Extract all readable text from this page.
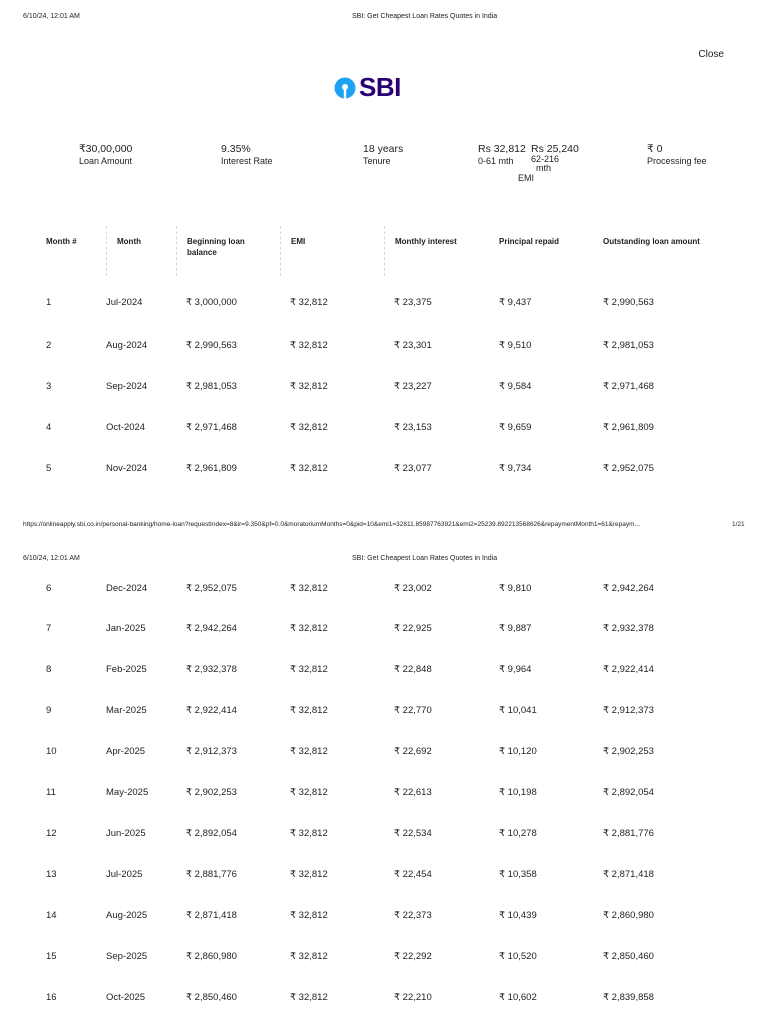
6/10/24, 12:01 AM	SBI: Get Cheapest Loan Rates Quotes in India
Close
SBI
₹30,00,000
Loan Amount
9.35%
Interest Rate
18 years
Tenure
Rs 32,812
0-61 mth
Rs 25,240
62-216
mth
EMI
₹ 0
Processing fee

	Month #	Month	Beginning loan balance	EMI	Monthly interest	Principal repaid	Outstanding loan amount

	1	Jul-2024	₹ 3,000,000	₹ 32,812	₹ 23,375	₹ 9,437	₹ 2,990,563
	2	Aug-2024	₹ 2,990,563	₹ 32,812	₹ 23,301	₹ 9,510	₹ 2,981,053
	3	Sep-2024	₹ 2,981,053	₹ 32,812	₹ 23,227	₹ 9,584	₹ 2,971,468
	4	Oct-2024	₹ 2,971,468	₹ 32,812	₹ 23,153	₹ 9,659	₹ 2,961,809
	5	Nov-2024	₹ 2,961,809	₹ 32,812	₹ 23,077	₹ 9,734	₹ 2,952,075
https://onlineapply.sbi.co.in/personal-banking/home-loan?requestIndex=8&ir=9.350&pf=0.0&moratoriumMonths=0&pid=10&emi1=32811.85987763921&emi2=25239.892213568626&repaymentMonth1=61&repaym...	1/21
6/10/24, 12:01 AM	SBI: Get Cheapest Loan Rates Quotes in India
	6	Dec-2024	₹ 2,952,075	₹ 32,812	₹ 23,002	₹ 9,810	₹ 2,942,264
	7	Jan-2025	₹ 2,942,264	₹ 32,812	₹ 22,925	₹ 9,887	₹ 2,932,378
	8	Feb-2025	₹ 2,932,378	₹ 32,812	₹ 22,848	₹ 9,964	₹ 2,922,414
	9	Mar-2025	₹ 2,922,414	₹ 32,812	₹ 22,770	₹ 10,041	₹ 2,912,373
	10	Apr-2025	₹ 2,912,373	₹ 32,812	₹ 22,692	₹ 10,120	₹ 2,902,253
	11	May-2025	₹ 2,902,253	₹ 32,812	₹ 22,613	₹ 10,198	₹ 2,892,054
	12	Jun-2025	₹ 2,892,054	₹ 32,812	₹ 22,534	₹ 10,278	₹ 2,881,776
	13	Jul-2025	₹ 2,881,776	₹ 32,812	₹ 22,454	₹ 10,358	₹ 2,871,418
	14	Aug-2025	₹ 2,871,418	₹ 32,812	₹ 22,373	₹ 10,439	₹ 2,860,980
	15	Sep-2025	₹ 2,860,980	₹ 32,812	₹ 22,292	₹ 10,520	₹ 2,850,460
	16	Oct-2025	₹ 2,850,460	₹ 32,812	₹ 22,210	₹ 10,602	₹ 2,839,858
